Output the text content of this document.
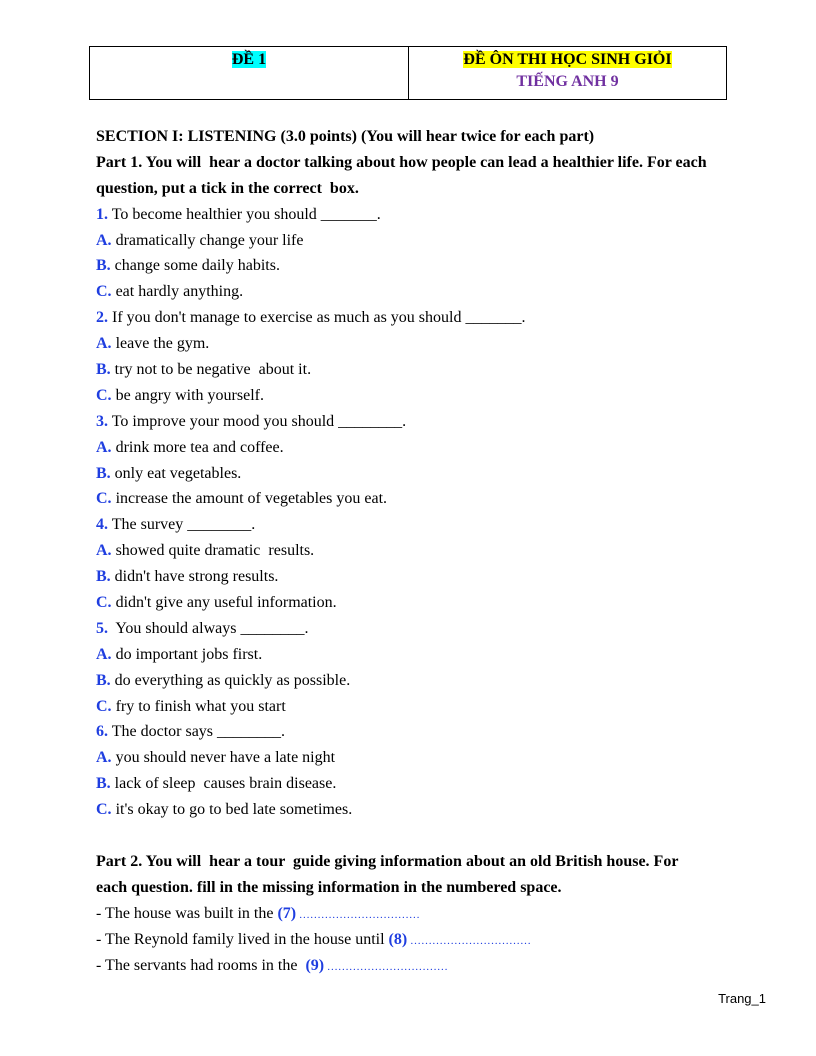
ĐỀ 1	ĐỀ ÔN THI HỌC SINH GIỎI
TIẾNG ANH 9
SECTION I: LISTENING (3.0 points) (You will hear twice for each part)
Part 1. You will  hear a doctor talking about how people can lead a healthier life. For each
question, put a tick in the correct  box.
1. To become healthier you should _______.
A. dramatically change your life
B. change some daily habits.
C. eat hardly anything.
2. If you don't manage to exercise as much as you should _______.
A. leave the gym.
B. try not to be negative  about it.
C. be angry with yourself.
3. To improve your mood you should ________.
A. drink more tea and coffee.
B. only eat vegetables.
C. increase the amount of vegetables you eat.
4. The survey ________.
A. showed quite dramatic  results.
B. didn't have strong results.
C. didn't give any useful information.
5.  You should always ________.
A. do important jobs first.
B. do everything as quickly as possible.
C. fry to finish what you start
6. The doctor says ________.
A. you should never have a late night
B. lack of sleep  causes brain disease.
C. it's okay to go to bed late sometimes.
Part 2. You will  hear a tour  guide giving information about an old British house. For
each question. fill in the missing information in the numbered space.
- The house was built in the (7) ……………………………
- The Reynold family lived in the house until (8) ……………………………
- The servants had rooms in the  (9) ……………………………
Trang_1
